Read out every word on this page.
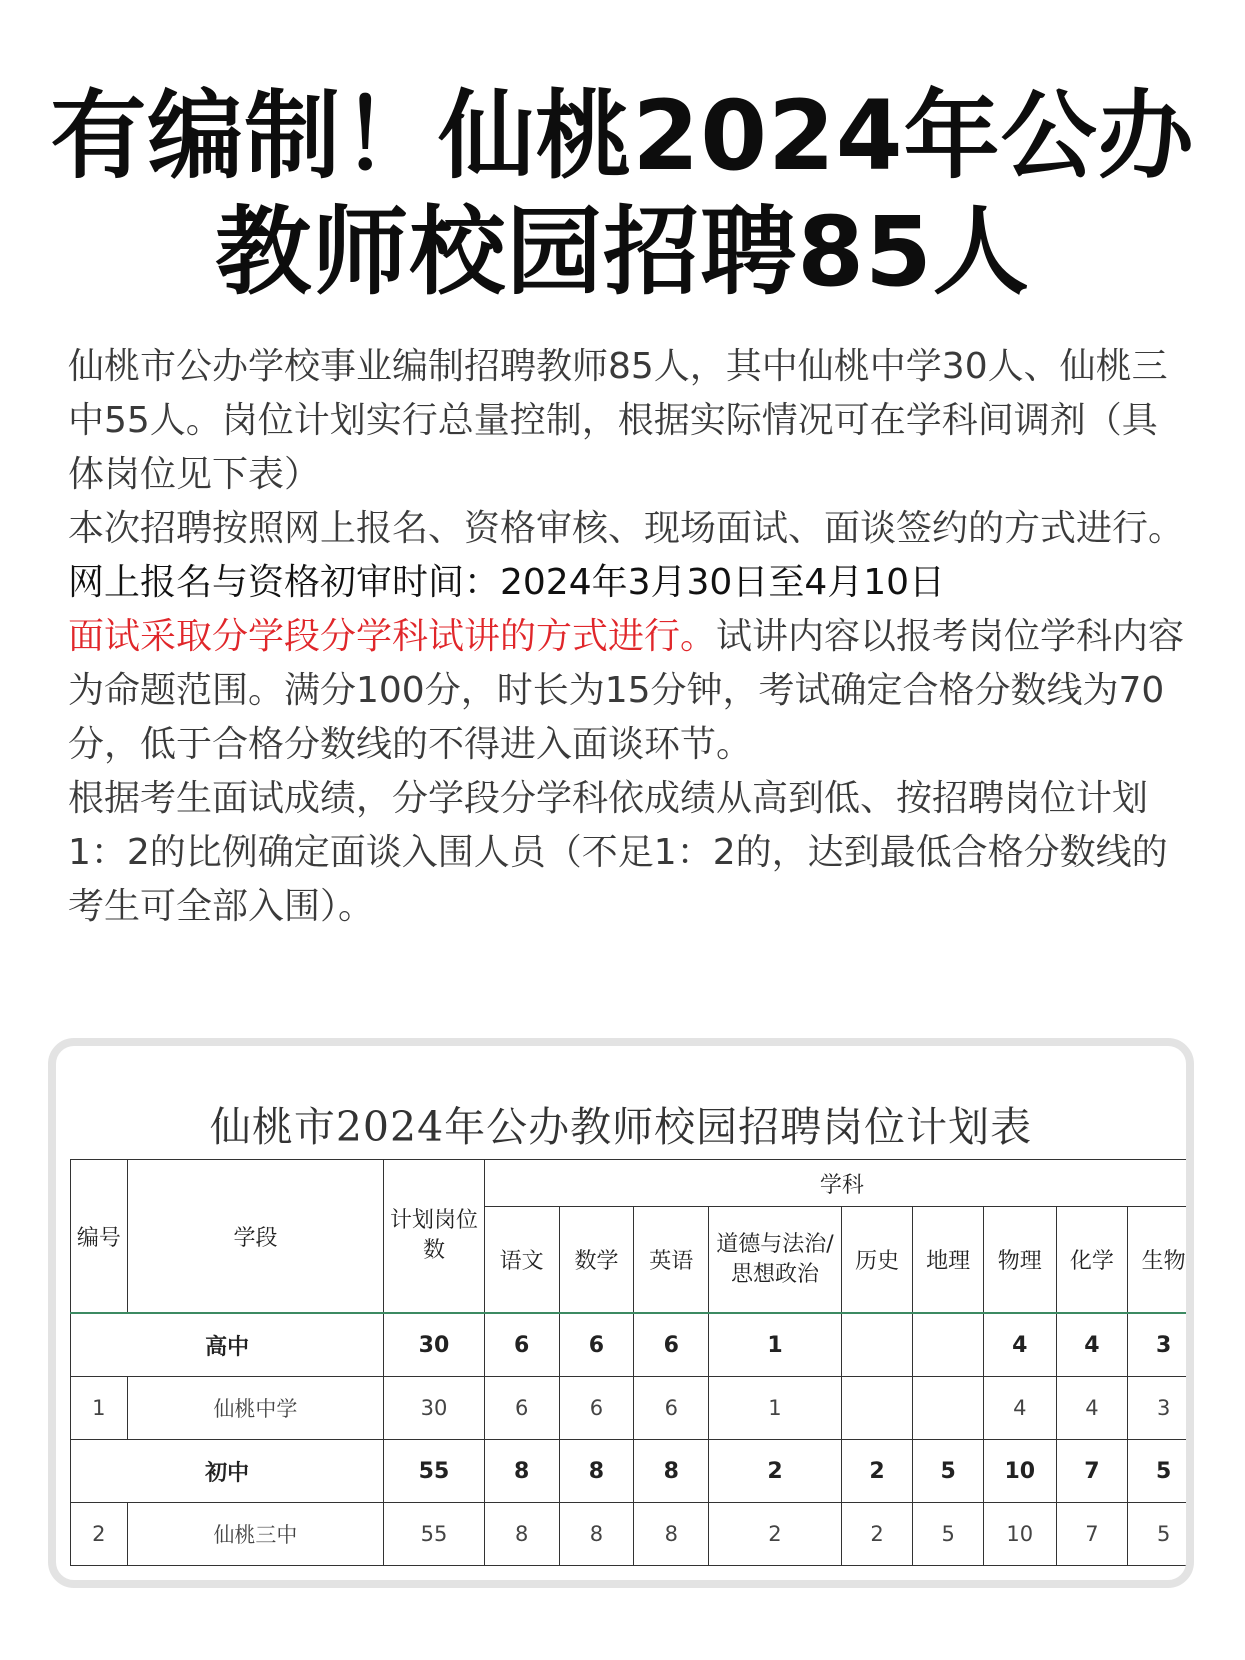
有编制！仙桃2024年公办
教师校园招聘85人

仙桃市公办学校事业编制招聘教师85人，其中仙桃中学30人、仙桃三中55人。岗位计划实行总量控制，根据实际情况可在学科间调剂（具体岗位见下表）

本次招聘按照网上报名、资格审核、现场面试、面谈签约的方式进行。

网上报名与资格初审时间：2024年3月30日至4月10日

面试采取分学段分学科试讲的方式进行。试讲内容以报考岗位学科内容为命题范围。满分100分，时长为15分钟，考试确定合格分数线为70分，低于合格分数线的不得进入面谈环节。

根据考生面试成绩，分学段分学科依成绩从高到低、按招聘岗位计划1：2的比例确定面谈入围人员（不足1：2的，达到最低合格分数线的考生可全部入围）。

仙桃市2024年公办教师校园招聘岗位计划表
编号	学段	计划岗位数	学科								
			语文	数学	英语	道德与法治/思想政治	历史	地理	物理	化学	生物
高中		30	6	6	6	1			4	4	3
1	仙桃中学	30	6	6	6	1			4	4	3
初中		55	8	8	8	2	2	5	10	7	5
2	仙桃三中	55	8	8	8	2	2	5	10	7	5
